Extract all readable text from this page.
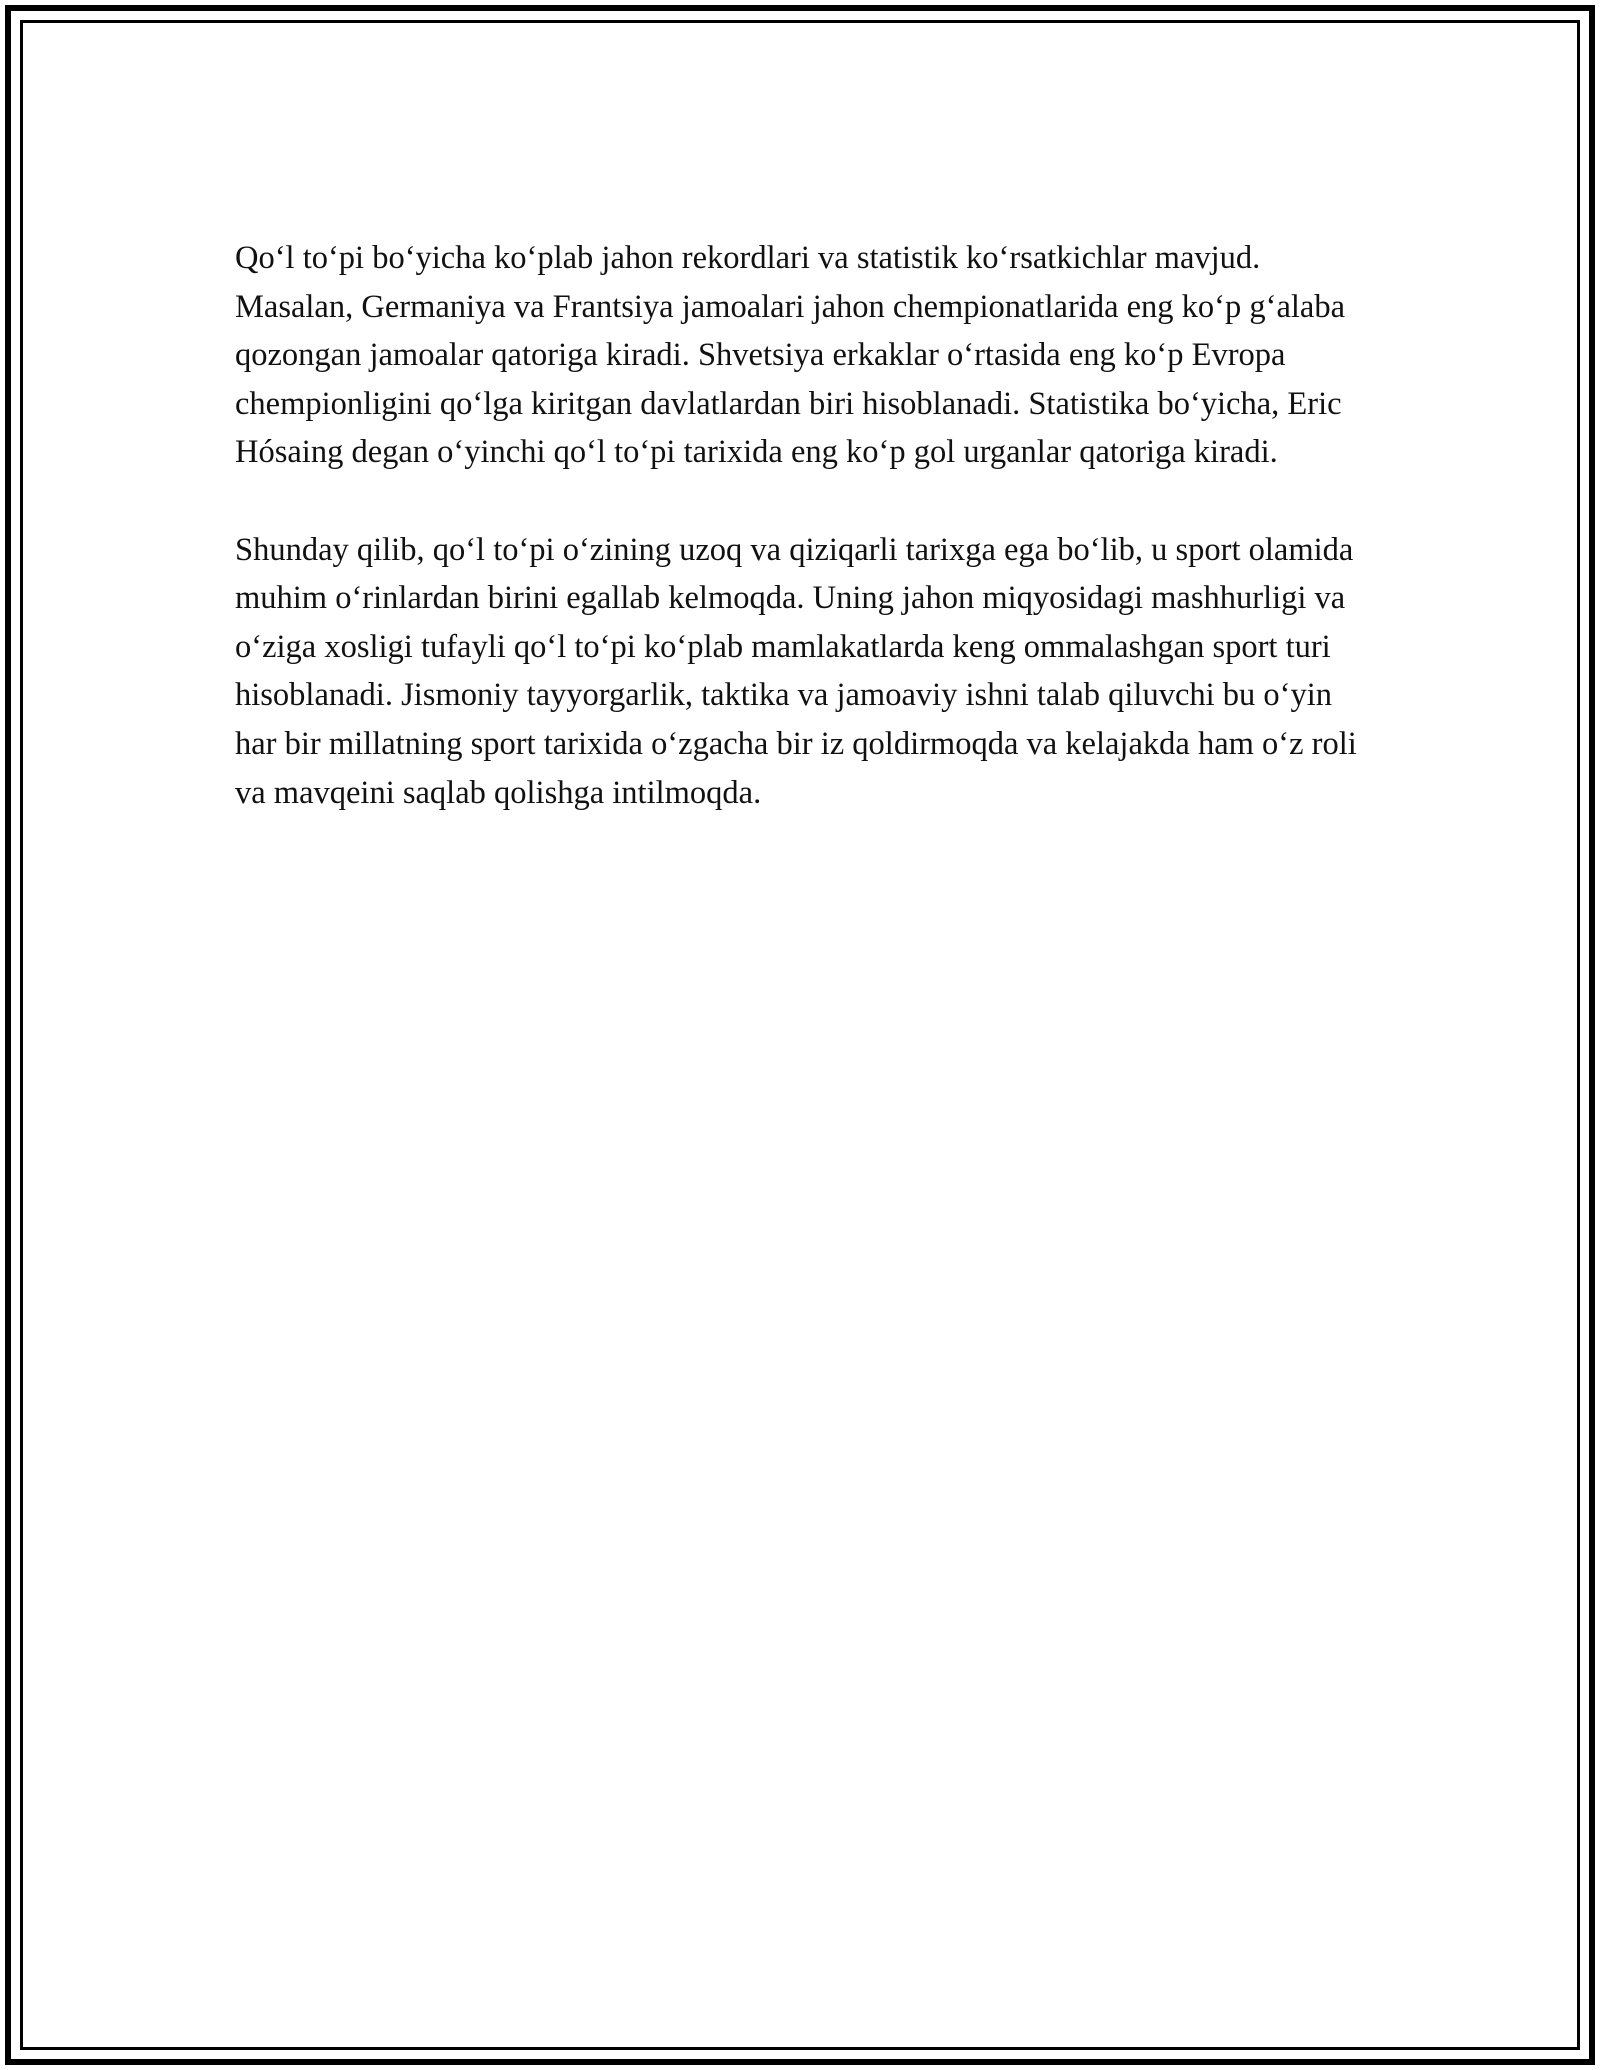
Qoʻl toʻpi boʻyicha koʻplab jahon rekordlari va statistik koʻrsatkichlar mavjud. Masalan, Germaniya va Frantsiya jamoalari jahon chempionatlarida eng koʻp gʻalaba qozongan jamoalar qatoriga kiradi. Shvetsiya erkaklar oʻrtasida eng koʻp Evropa chempionligini qoʻlga kiritgan davlatlardan biri hisoblanadi. Statistika boʻyicha, Eric Hósaing degan oʻyinchi qoʻl toʻpi tarixida eng koʻp gol urganlar qatoriga kiradi.

Shunday qilib, qoʻl toʻpi oʻzining uzoq va qiziqarli tarixga ega boʻlib, u sport olamida muhim oʻrinlardan birini egallab kelmoqda. Uning jahon miqyosidagi mashhurligi va oʻziga xosligi tufayli qoʻl toʻpi koʻplab mamlakatlarda keng ommalashgan sport turi hisoblanadi. Jismoniy tayyorgarlik, taktika va jamoaviy ishni talab qiluvchi bu oʻyin har bir millatning sport tarixida oʻzgacha bir iz qoldirmoqda va kelajakda ham oʻz roli va mavqeini saqlab qolishga intilmoqda.
